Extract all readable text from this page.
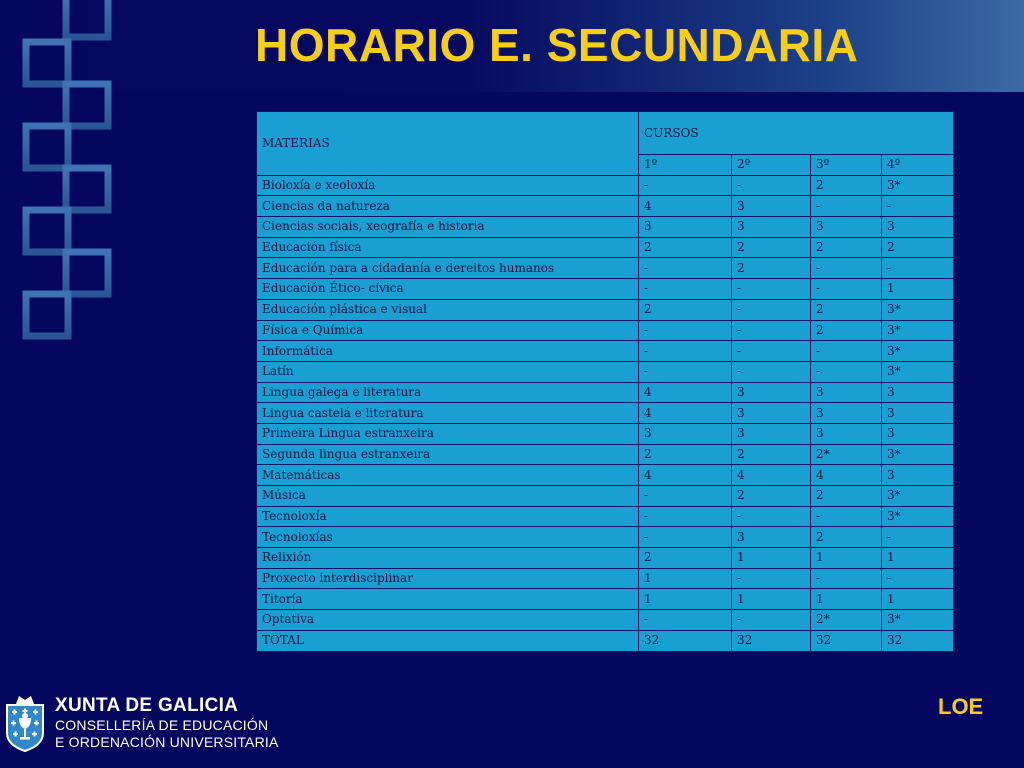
HORARIO E. SECUNDARIA
MATERIAS	CURSOS			
	1º	2º	3º	4º
Bioloxía e xeoloxía	-	-	2	3*
Ciencias da natureza	4	3	-	-
Ciencias sociais, xeografía e historia	3	3	3	3
Educación física	2	2	2	2
Educación para a cidadanía e dereitos humanos	-	2	-	-
Educación Ético- cívica	-	-	-	1
Educación plástica e visual	2	-	2	3*
Física e Química	-	-	2	3*
Informática	-	-	-	3*
Latín	-	-	-	3*
Lingua galega e literatura	4	3	3	3
Lingua castelá e literatura	4	3	3	3
Primeira Lingua estranxeira	3	3	3	3
Segunda lingua estranxeira	2	2	2*	3*
Matemáticas	4	4	4	3
Música	-	2	2	3*
Tecnoloxía	-	-	-	3*
Tecnoloxías	-	3	2	-
Relixión	2	1	1	1
Proxecto interdisciplinar	1	-	-	-
Titoría	1	1	1	1
Optativa	-	-	2*	3*
TOTAL	32	32	32	32
XUNTA DE GALICIA
CONSELLERÍA DE EDUCACIÓN
E ORDENACIÓN UNIVERSITARIA
LOE
